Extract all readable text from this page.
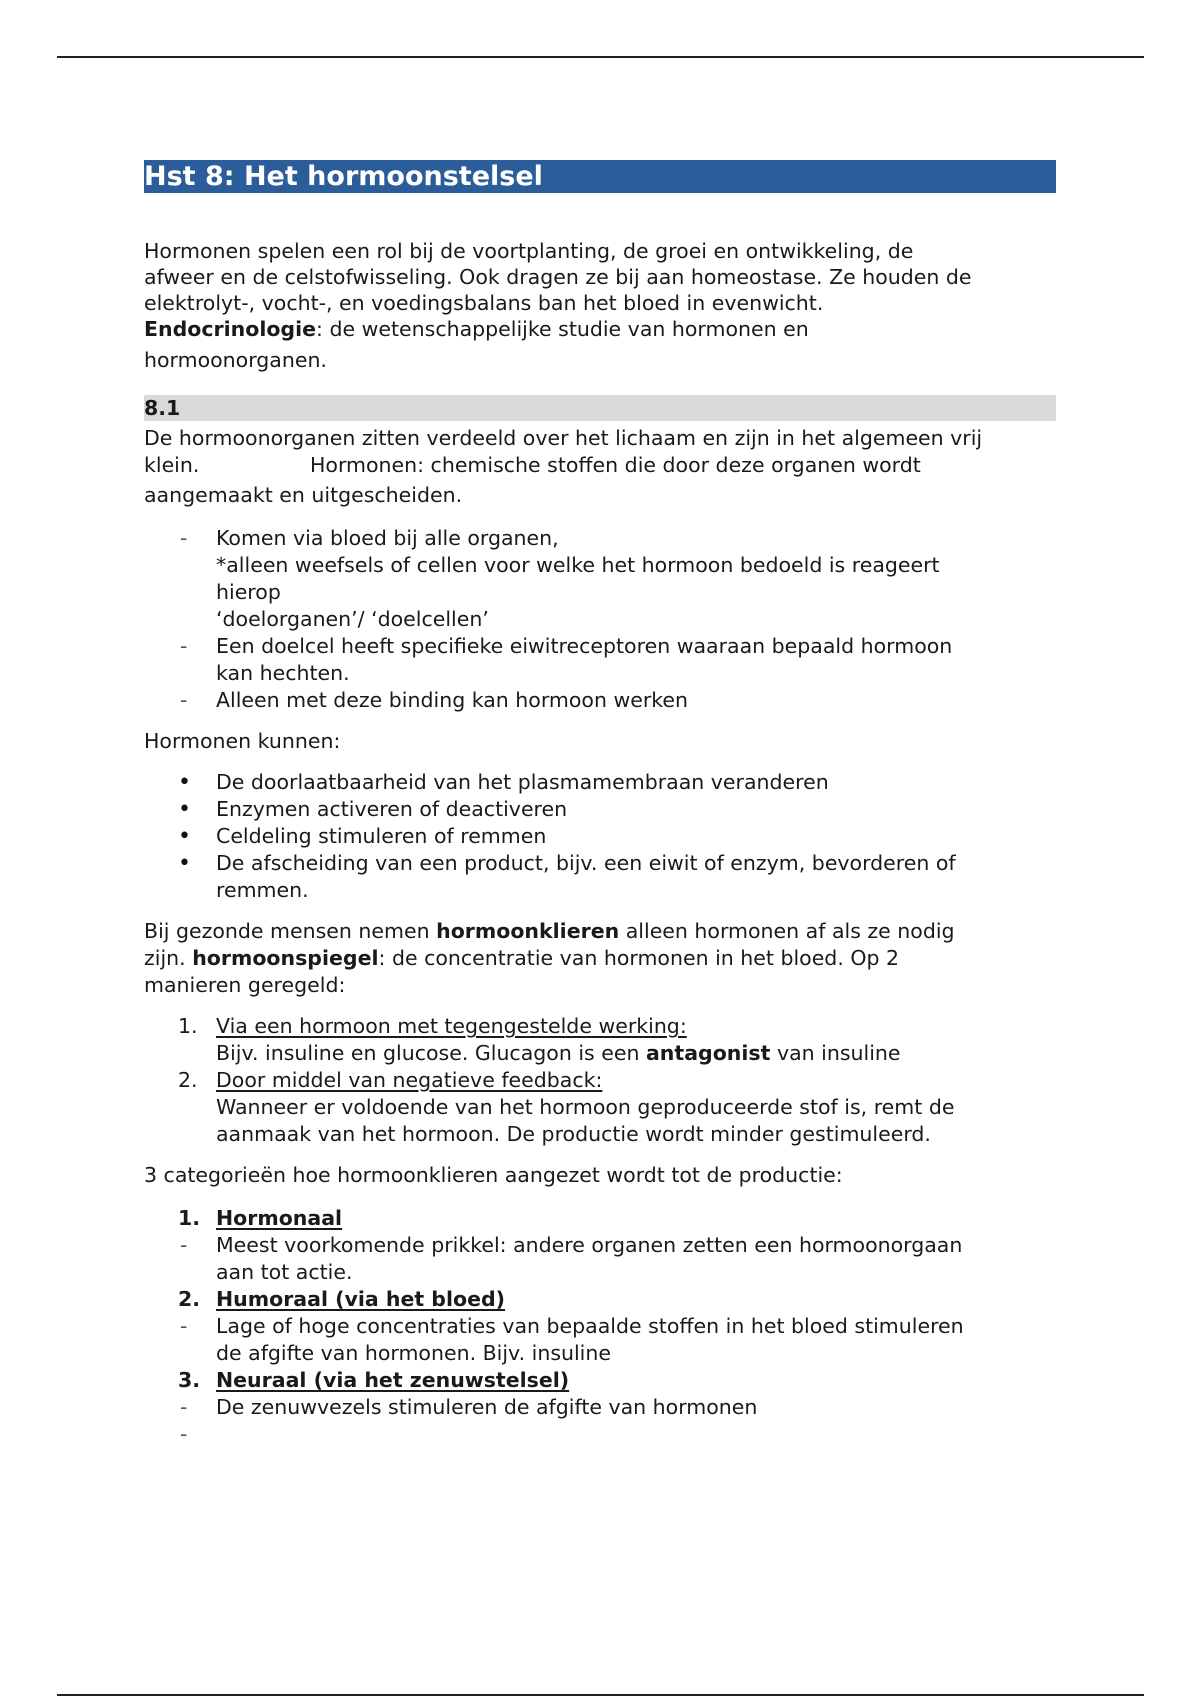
Hst 8: Het hormoonstelsel
Hormonen spelen een rol bij de voortplanting, de groei en ontwikkeling, de
afweer en de celstofwisseling. Ook dragen ze bij aan homeostase. Ze houden de
elektrolyt-, vocht-, en voedingsbalans ban het bloed in evenwicht.
Endocrinologie: de wetenschappelijke studie van hormonen en
hormoonorganen.
8.1
De hormoonorganen zitten verdeeld over het lichaam en zijn in het algemeen vrij
klein.	Hormonen: chemische stoffen die door deze organen wordt
aangemaakt en uitgescheiden.
- Komen via bloed bij alle organen,
*alleen weefsels of cellen voor welke het hormoon bedoeld is reageert
hierop
‘doelorganen’/ ‘doelcellen’
- Een doelcel heeft specifieke eiwitreceptoren waaraan bepaald hormoon
kan hechten.
- Alleen met deze binding kan hormoon werken

Hormonen kunnen:

• De doorlaatbaarheid van het plasmamembraan veranderen
• Enzymen activeren of deactiveren
• Celdeling stimuleren of remmen
• De afscheiding van een product, bijv. een eiwit of enzym, bevorderen of
remmen.
Bij gezonde mensen nemen hormoonklieren alleen hormonen af als ze nodig
zijn. hormoonspiegel: de concentratie van hormonen in het bloed. Op 2
manieren geregeld:
1. Via een hormoon met tegengestelde werking:
Bijv. insuline en glucose. Glucagon is een antagonist van insuline
2. Door middel van negatieve feedback:
Wanneer er voldoende van het hormoon geproduceerde stof is, remt de
aanmaak van het hormoon. De productie wordt minder gestimuleerd.

3 categorieën hoe hormoonklieren aangezet wordt tot de productie:

1. Hormonaal
- Meest voorkomende prikkel: andere organen zetten een hormoonorgaan
aan tot actie.
2. Humoraal (via het bloed)
- Lage of hoge concentraties van bepaalde stoffen in het bloed stimuleren
de afgifte van hormonen. Bijv. insuline
3. Neuraal (via het zenuwstelsel)
- De zenuwvezels stimuleren de afgifte van hormonen
-
